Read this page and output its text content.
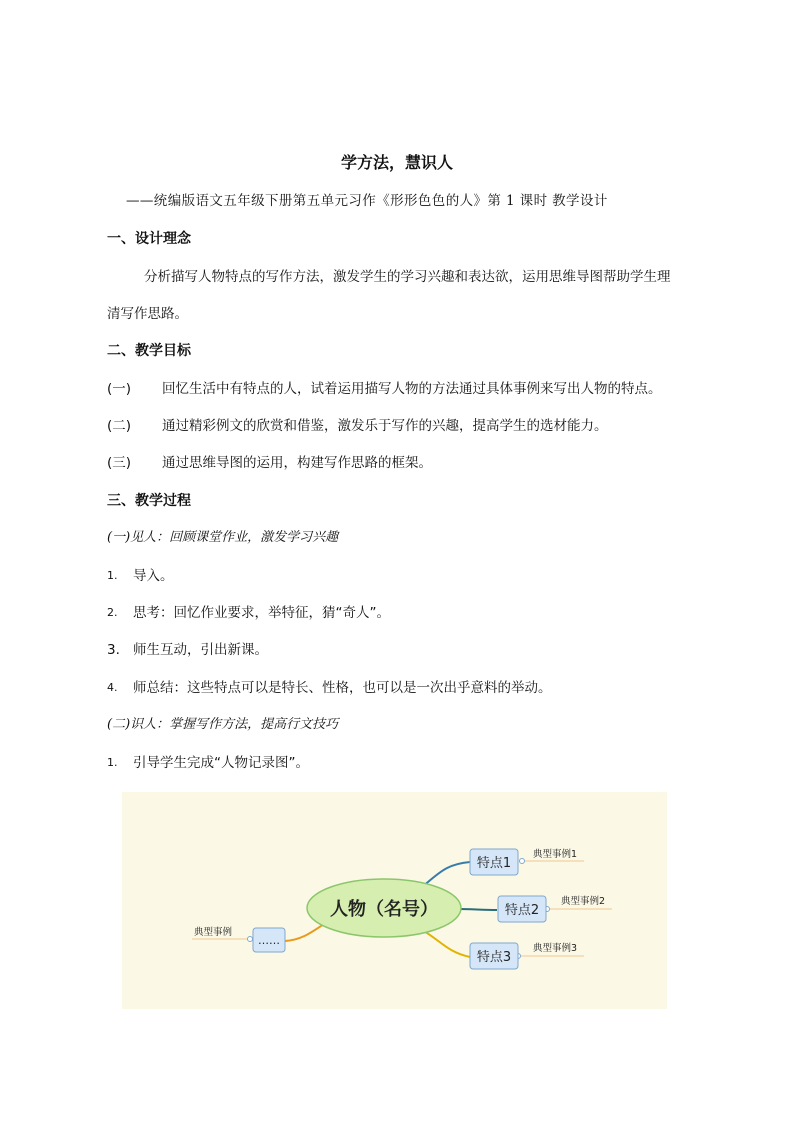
学方法，慧识人
——统编版语文五年级下册第五单元习作《形形色色的人》第 1 课时 教学设计
一、设计理念
分析描写人物特点的写作方法，激发学生的学习兴趣和表达欲，运用思维导图帮助学生理
清写作思路。
二、教学目标
(一) 回忆生活中有特点的人，试着运用描写人物的方法通过具体事例来写出人物的特点。
(二) 通过精彩例文的欣赏和借鉴，激发乐于写作的兴趣，提高学生的选材能力。
(三) 通过思维导图的运用，构建写作思路的框架。
三、教学过程
(一)见人：回顾课堂作业，激发学习兴趣
1. 导入。
2. 思考：回忆作业要求，举特征，猜“奇人”。
3. 师生互动，引出新课。
4. 师总结：这些特点可以是特长、性格，也可以是一次出乎意料的举动。
(二)识人：掌握写作方法，提高行文技巧
1. 引导学生完成“人物记录图”。
人物（名号）
特点1
特点2
特点3
……
典型事例1
典型事例2
典型事例3
典型事例
